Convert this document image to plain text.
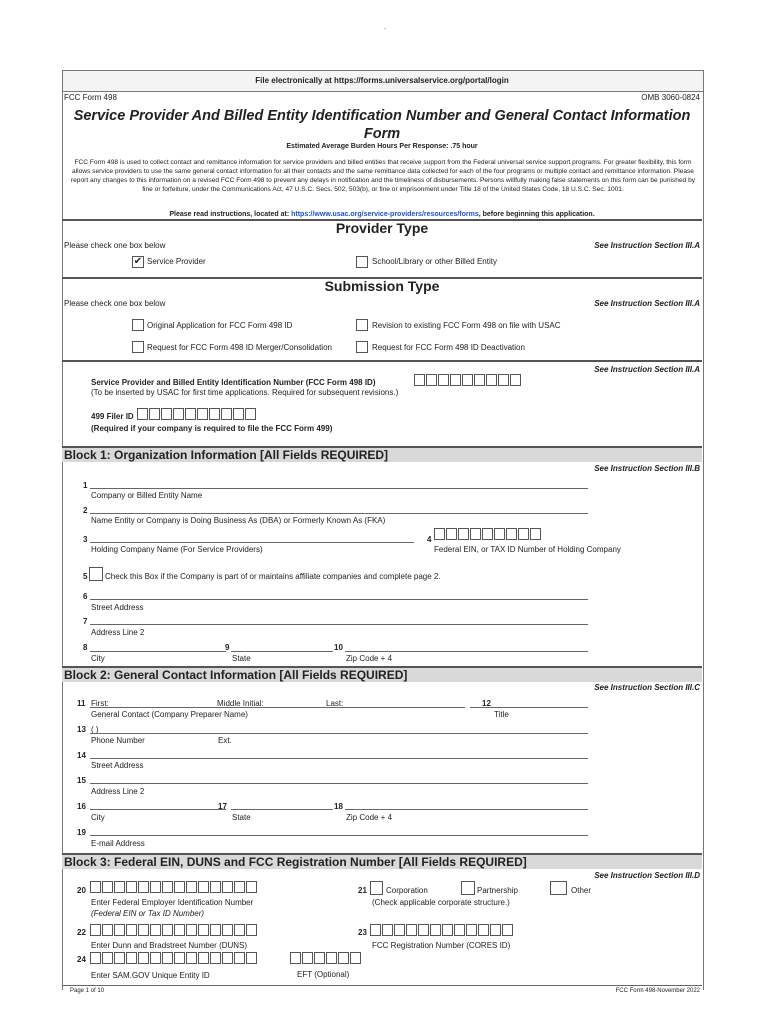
.
File electronically at https://forms.universalservice.org/portal/login
FCC Form 498	OMB 3060-0824
Service Provider And Billed Entity Identification Number and General Contact Information
Form
Estimated Average Burden Hours Per Response: .75 hour
FCC Form 498 is used to collect contact and remittance information for service providers and billed entities that receive support from the Federal universal service support programs. For greater flexibility, this form allows service providers to use the same general contact information for all their contacts and the same remittance data collected for each of the four programs or multiple contact and remittance information. Please report any changes to this information on a revised FCC Form 498 to prevent any delays in notification and the timeliness of disbursements. Persons willfully making false statements on this form can be punished by fine or forfeiture, under the Communications Act, 47 U.S.C. Secs. 502, 503(b), or fine or imprisonment under Title 18 of the United States Code, 18 U.S.C. Sec. 1001.
Please read instructions, located at: https://www.usac.org/service-providers/resources/forms, before beginning this application.
Provider Type
Please check one box below	See Instruction Section III.A
✔ Service Provider	School/Library or other Billed Entity
Submission Type
Please check one box below	See Instruction Section III.A
Original Application for FCC Form 498 ID	Revision to existing FCC Form 498 on file with USAC
Request for FCC Form 498 ID Merger/Consolidation	Request for FCC Form 498 ID Deactivation
See Instruction Section III.A
Service Provider and Billed Entity Identification Number (FCC Form 498 ID)
(To be inserted by USAC for first time applications. Required for subsequent revisions.)
499 Filer ID
(Required if your company is required to file the FCC Form 499)
Block 1: Organization Information [All Fields REQUIRED]
See Instruction Section III.B
1
Company or Billed Entity Name
2
Name Entity or Company is Doing Business As (DBA) or Formerly Known As (FKA)
3
Holding Company Name (For Service Providers)
4
Federal EIN, or TAX ID Number of Holding Company
5 Check this Box if the Company is part of or maintains affiliate companies and complete page 2.
6
Street Address
7
Address Line 2
8
City
9
State
10
Zip Code + 4
Block 2: General Contact Information [All Fields REQUIRED]
See Instruction Section III.C
11 First:	Middle Initial:	Last:
General Contact (Company Preparer Name)
12
Title
13 ( )
Phone Number	Ext.
14
Street Address
15
Address Line 2
16
City
17
State
18
Zip Code + 4
19
E-mail Address
Block 3: Federal EIN, DUNS and FCC Registration Number [All Fields REQUIRED]
See Instruction Section III.D
20
Enter Federal Employer Identification Number
(Federal EIN or Tax ID Number)
21 Corporation	Partnership	Other
(Check applicable corporate structure.)
22
Enter Dunn and Bradstreet Number (DUNS)
23
FCC Registration Number (CORES ID)
24
Enter SAM.GOV Unique Entity ID	EFT (Optional)
Page 1 of 10	FCC Form 498-November 2022
